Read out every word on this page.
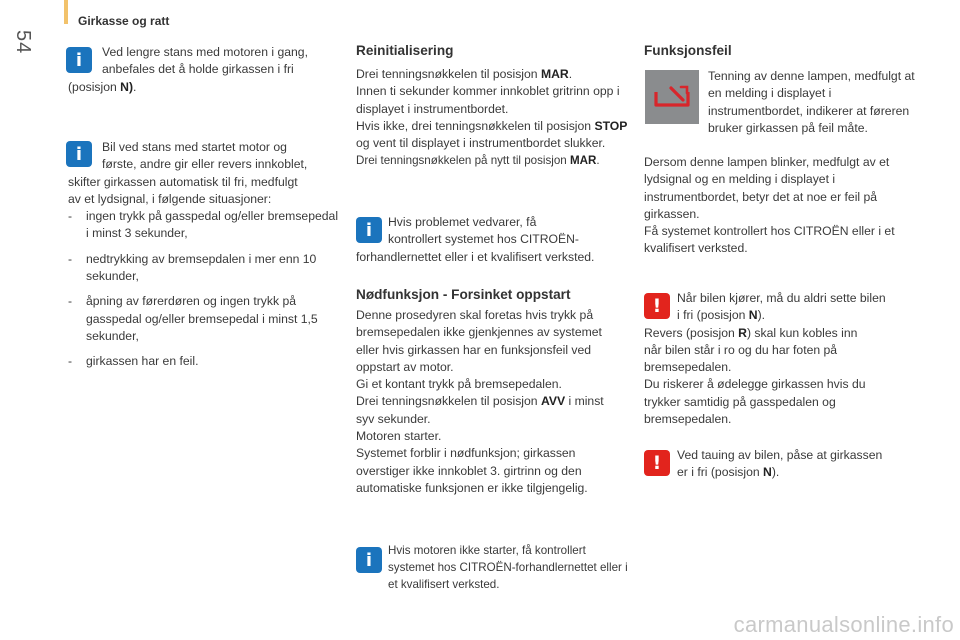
54
Girkasse og ratt
i Ved lengre stans med motoren i gang,

anbefales det å holde girkassen i fri (posisjon N).

i Bil ved stans med startet motor og

første, andre gir eller revers innkoblet,

skifter girkassen automatisk til fri, medfulgt

av et lydsignal, i følgende situasjoner:

-	ingen trykk på gasspedal og/eller bremsepedal i minst 3 sekunder,
-	nedtrykking av bremsepdalen i mer enn 10 sekunder,
-	åpning av førerdøren og ingen trykk på gasspedal og/eller bremsepedal i minst 1,5 sekunder,
-	girkassen har en feil.
Reinitialisering

Drei tenningsnøkkelen til posisjon MAR.

Innen ti sekunder kommer innkoblet gritrinn opp i displayet i instrumentbordet.

Hvis ikke, drei tenningsnøkkelen til posisjon STOP og vent til displayet i instrumentbordet slukker.

Drei tenningsnøkkelen på nytt til posisjon MAR.

i Hvis problemet vedvarer, få

kontrollert systemet hos CITROËN-

forhandlernettet eller i et kvalifisert verksted.

Nødfunksjon - Forsinket oppstart

Denne prosedyren skal foretas hvis trykk på bremsepedalen ikke gjenkjennes av systemet eller hvis girkassen har en funksjonsfeil ved oppstart av motor.

Gi et kontant trykk på bremsepedalen.

Drei tenningsnøkkelen til posisjon AVV i minst syv sekunder.

Motoren starter.

Systemet forblir i nødfunksjon; girkassen overstiger ikke innkoblet 3. girtrinn og den automatiske funksjonen er ikke tilgjengelig.

i Hvis motoren ikke starter, få kontrollert systemet hos CITROËN-forhandlernettet eller i et kvalifisert verksted.
Funksjonsfeil
Tenning av denne lampen, medfulgt at en melding i displayet i instrumentbordet, indikerer at føreren bruker girkassen på feil måte.

Dersom denne lampen blinker, medfulgt av et lydsignal og en melding i displayet i instrumentbordet, betyr det at noe er feil på girkassen.

Få systemet kontrollert hos CITROËN eller i et kvalifisert verksted.

! Når bilen kjører, må du aldri sette bilen

i fri (posisjon N).

Revers (posisjon R) skal kun kobles inn når bilen står i ro og du har foten på bremsepedalen.

Du riskerer å ødelegge girkassen hvis du trykker samtidig på gasspedalen og bremsepedalen.

! Ved tauing av bilen, påse at girkassen

er i fri (posisjon N).

carmanualsonline.info
